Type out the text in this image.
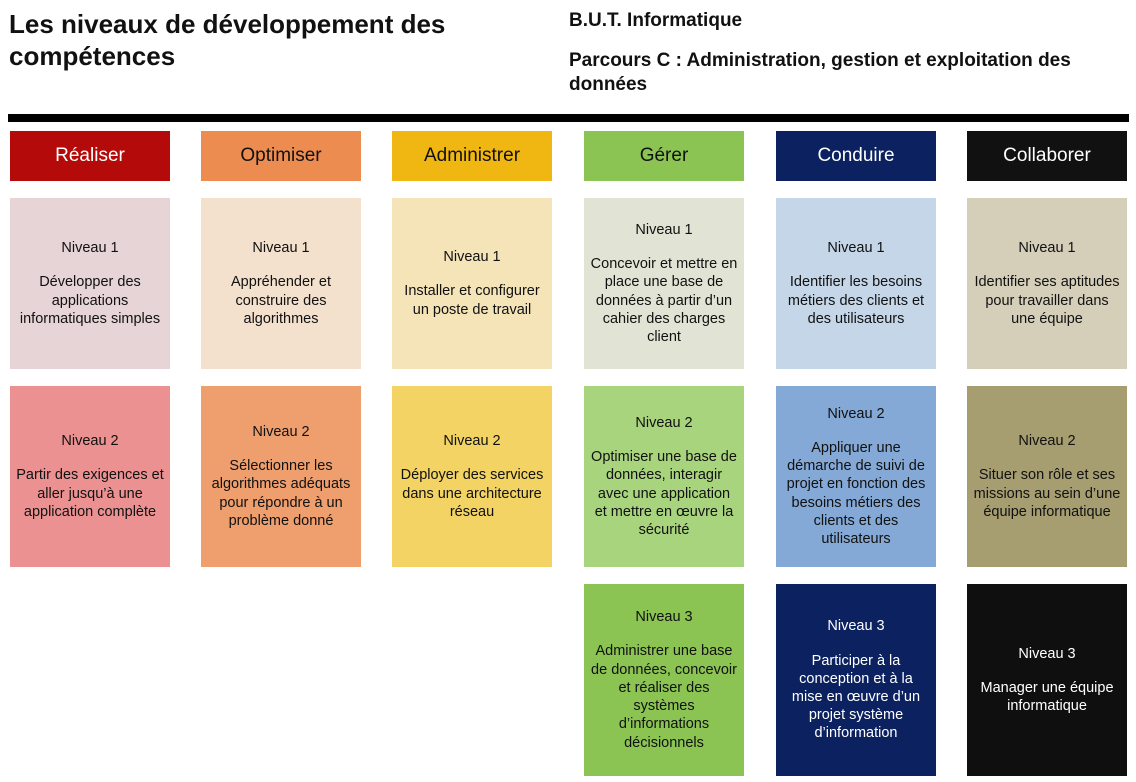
Les niveaux de développement des compétences
B.U.T. Informatique
Parcours C : Administration, gestion et exploitation des données
Réaliser	Optimiser	Administrer	Gérer	Conduire	Collaborer
Niveau 1
Développer des applications informatiques simples
Niveau 1
Appréhender et construire des algorithmes
Niveau 1
Installer et configurer un poste de travail
Niveau 1
Concevoir et mettre en place une base de données à partir d’un cahier des charges client
Niveau 1
Identifier les besoins métiers des clients et des utilisateurs
Niveau 1
Identifier ses aptitudes pour travailler dans une équipe
Niveau 2
Partir des exigences et aller jusqu’à une application complète
Niveau 2
Sélectionner les algorithmes adéquats pour répondre à un problème donné
Niveau 2
Déployer des services dans une architecture réseau
Niveau 2
Optimiser une base de données, interagir avec une application et mettre en œuvre la sécurité
Niveau 2
Appliquer une démarche de suivi de projet en fonction des besoins métiers des clients et des utilisateurs
Niveau 2
Situer son rôle et ses missions au sein d’une équipe informatique
Niveau 3
Administrer une base de données, concevoir et réaliser des systèmes d’informations décisionnels
Niveau 3
Participer à la conception et à la mise en œuvre d’un projet système d’information
Niveau 3
Manager une équipe informatique
